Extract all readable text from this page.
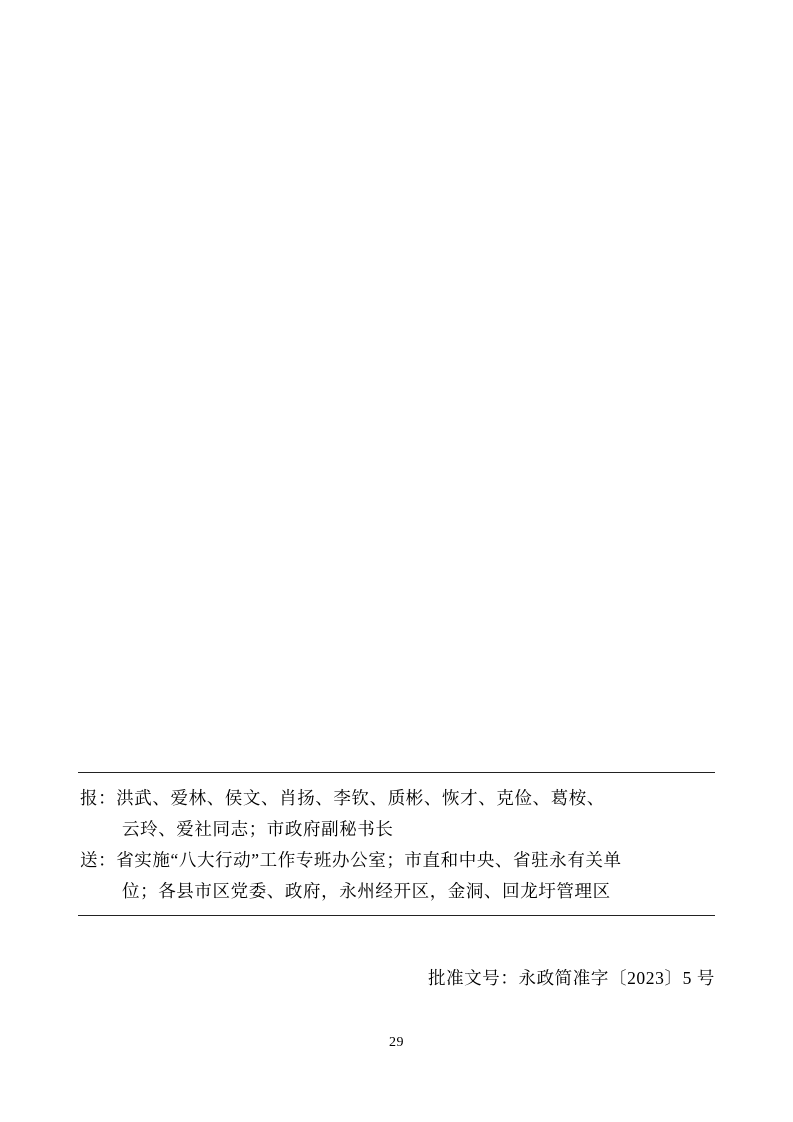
报： 洪武、爱林、侯文、肖扬、李钦、质彬、恢才、克俭、葛桉、
云玲、爱社同志；市政府副秘书长
送： 省实施“八大行动”工作专班办公室；市直和中央、省驻永有关单
位；各县市区党委、政府，永州经开区，金洞、回龙圩管理区
批准文号：永政简准字〔2023〕5 号
29
